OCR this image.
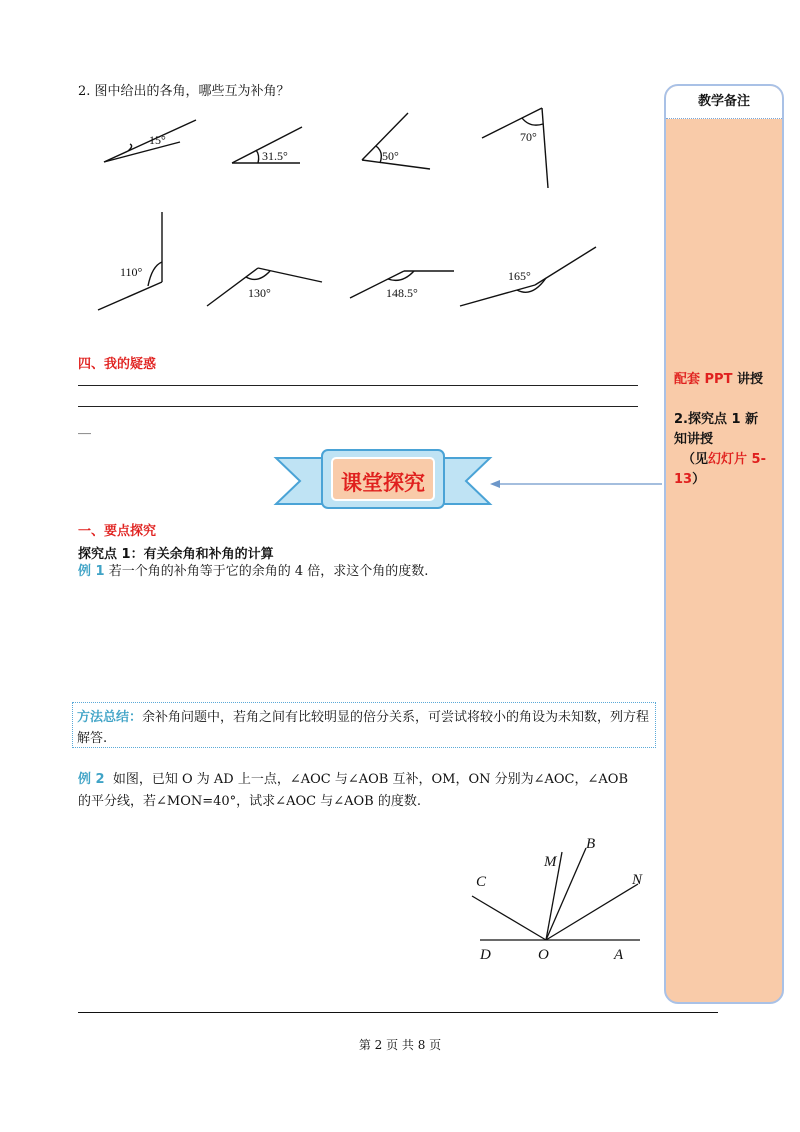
2. 图中给出的各角，哪些互为补角？
15°
31.5°	50°
70°
110°
130°	148.5°
165°
四、我的疑惑
__
课堂探究
一、要点探究
探究点 1：有关余角和补角的计算
例 1 若一个角的补角等于它的余角的 4 倍，求这个角的度数.
方法总结：余补角问题中，若角之间有比较明显的倍分关系，可尝试将较小的角设为未知数，列方程解答.
例 2 如图，已知 O 为 AD 上一点，∠AOC 与∠AOB 互补，OM，ON 分别为∠AOC，∠AOB
的平分线，若∠MON=40°，试求∠AOC 与∠AOB 的度数.
C
M
B
N
D	O	A
教学备注
配套 PPT 讲授
2.探究点 1 新
知讲授
（见幻灯片 5-
13）
第 2 页 共 8 页
